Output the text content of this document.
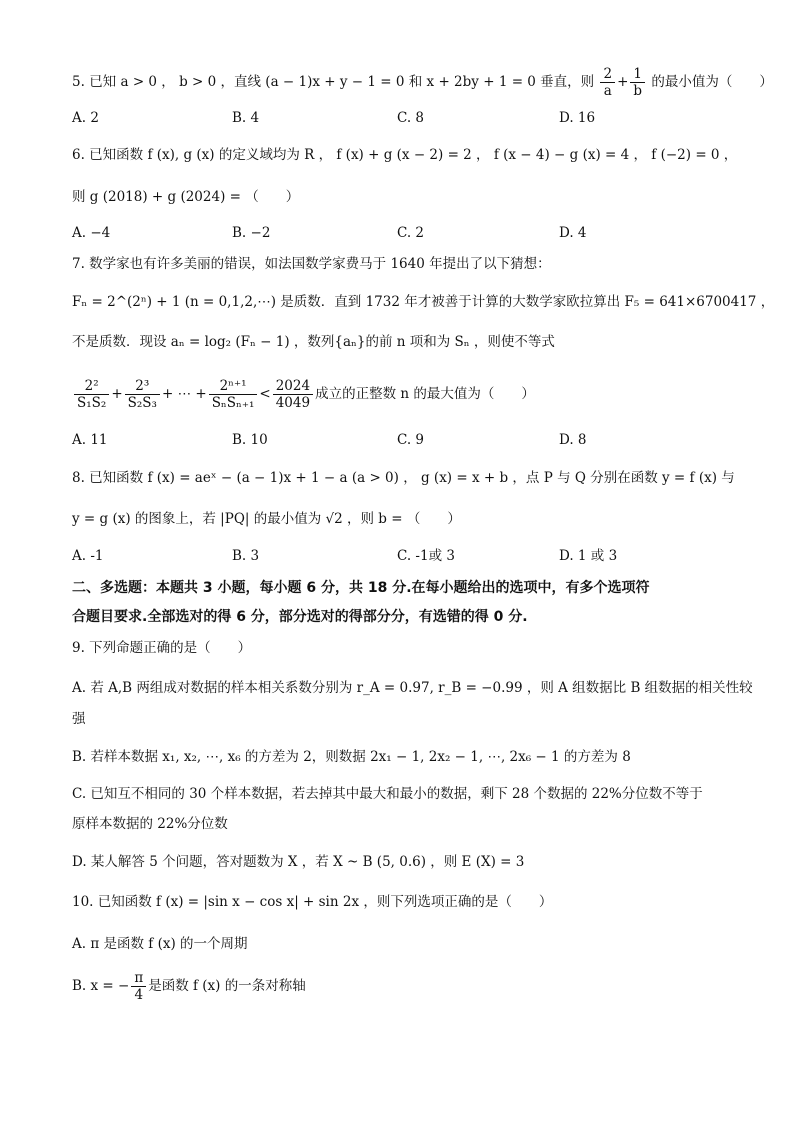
5. 已知 a > 0 ， b > 0 ，直线 (a − 1)x + y − 1 = 0 和 x + 2by + 1 = 0 垂直，则 $\frac{2}{a} + \frac{1}{b}$ 的最小值为（　　）
A. 2	B. 4	C. 8	D. 16
6. 已知函数 f (x), g (x) 的定义域均为 R ， f (x) + g (x − 2) = 2 ， f (x − 4) − g (x) = 4 ， f (−2) = 0 ，
则 g (2018) + g (2024) = （　　）
A. −4	B. −2	C. 2	D. 4
7. 数学家也有许多美丽的错误，如法国数学家费马于 1640 年提出了以下猜想：
Fₙ = 2^(2ⁿ) + 1 (n = 0,1,2,⋯) 是质数．直到 1732 年才被善于计算的大数学家欧拉算出 F₅ = 641×6700417 ，
不是质数．现设 aₙ = log₂ (Fₙ − 1) ，数列{aₙ}的前 n 项和为 Sₙ ，则使不等式
$\frac{\text{2²}}{\text{S₁S₂}} + \frac{\text{2³}}{\text{S₂S₃}}$ + ⋯ + $\frac{\text{2ⁿ⁺¹}}{\text{SₙSₙ₊₁}} < \frac{2024}{4049}$ 成立的正整数 n 的最大值为（　　）
A. 11	B. 10	C. 9	D. 8
8. 已知函数 f (x) = aeˣ − (a − 1)x + 1 − a (a > 0) ， g (x) = x + b ，点 P 与 Q 分别在函数 y = f (x) 与
y = g (x) 的图象上，若 |PQ| 的最小值为 √2 ，则 b = （　　）
A. -1	B. 3	C. -1或 3	D. 1 或 3
二、多选题：本题共 3 小题，每小题 6 分，共 18 分.在每小题给出的选项中，有多个选项符
合题目要求.全部选对的得 6 分，部分选对的得部分分，有选错的得 0 分.
9. 下列命题正确的是（　　）
A. 若 A,B 两组成对数据的样本相关系数分别为 r_A = 0.97, r_B = −0.99 ，则 A 组数据比 B 组数据的相关性较
强
B. 若样本数据 x₁, x₂, ⋯, x₆ 的方差为 2，则数据 2x₁ − 1, 2x₂ − 1, ⋯, 2x₆ − 1 的方差为 8
C. 已知互不相同的 30 个样本数据，若去掉其中最大和最小的数据，剩下 28 个数据的 22%分位数不等于
原样本数据的 22%分位数
D. 某人解答 5 个问题，答对题数为 X ，若 X ~ B (5, 0.6) ，则 E (X) = 3
10. 已知函数 f (x) = |sin x − cos x| + sin 2x ，则下列选项正确的是（　　）
A. π 是函数 f (x) 的一个周期
B. x = − $\frac{\pi}{4}$ 是函数 f (x) 的一条对称轴
